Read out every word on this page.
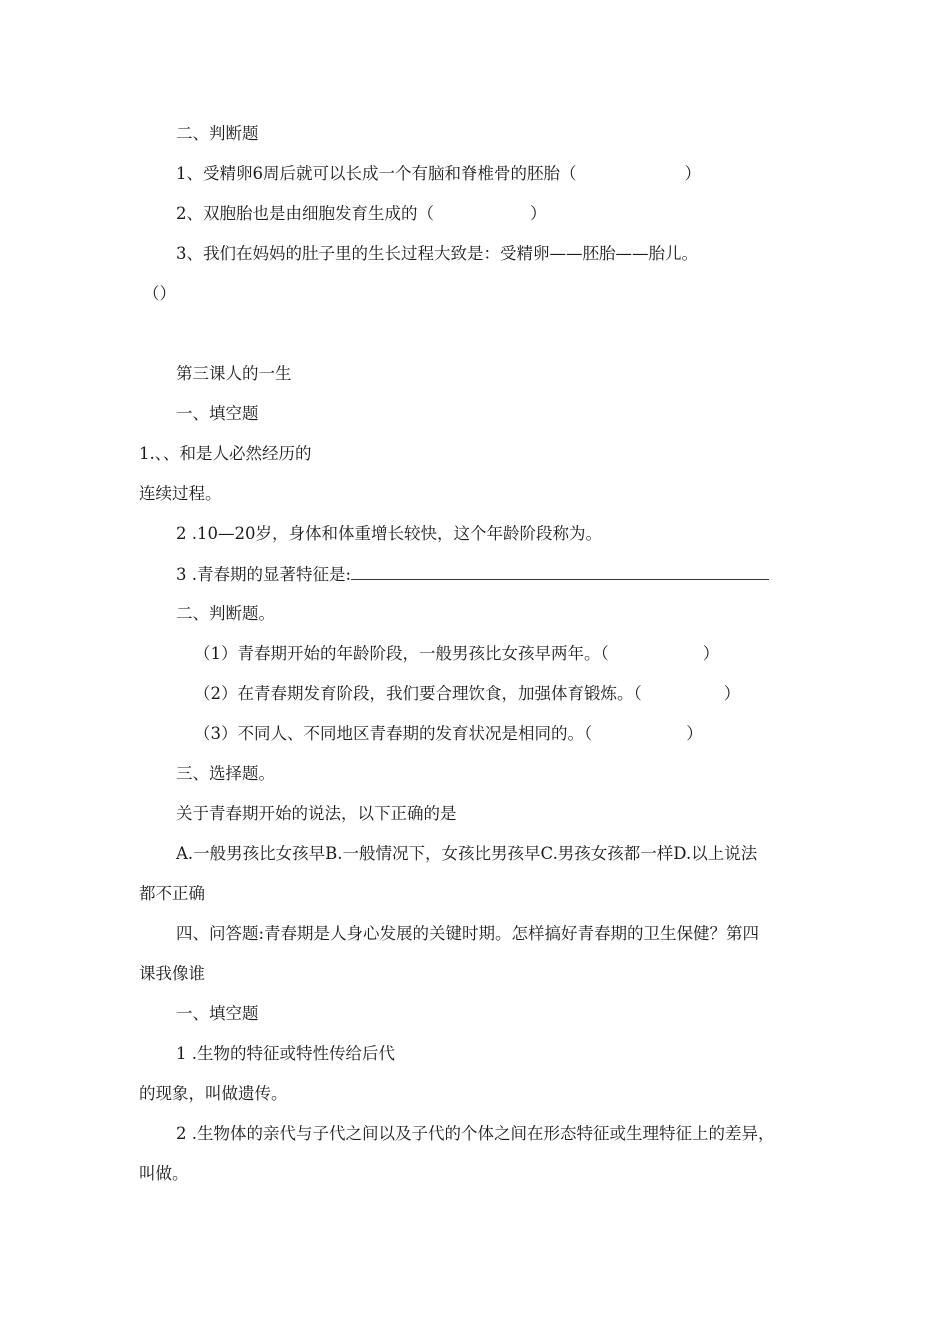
二、判断题
1、受精卵6周后就可以长成一个有脑和脊椎骨的胚胎（	）
2、双胞胎也是由细胞发育生成的（	）
3、我们在妈妈的肚子里的生长过程大致是：受精卵——胚胎——胎儿。
（）
第三课人的一生
一、填空题
1.、、和是人必然经历的
连续过程。
2 .10—20岁，身体和体重增长较快，这个年龄阶段称为。
3 .青春期的显著特征是:
二、判断题。
（1）青春期开始的年龄阶段，一般男孩比女孩早两年。（	）
（2）在青春期发育阶段，我们要合理饮食，加强体育锻炼。（	）
（3）不同人、不同地区青春期的发育状况是相同的。（	）
三、选择题。
关于青春期开始的说法，以下正确的是
A.一般男孩比女孩早B.一般情况下，女孩比男孩早C.男孩女孩都一样D.以上说法
都不正确
四、问答题:青春期是人身心发展的关键时期。怎样搞好青春期的卫生保健？第四
课我像谁
一、填空题
1 .生物的特征或特性传给后代
的现象，叫做遗传。
2 .生物体的亲代与子代之间以及子代的个体之间在形态特征或生理特征上的差异，
叫做。
